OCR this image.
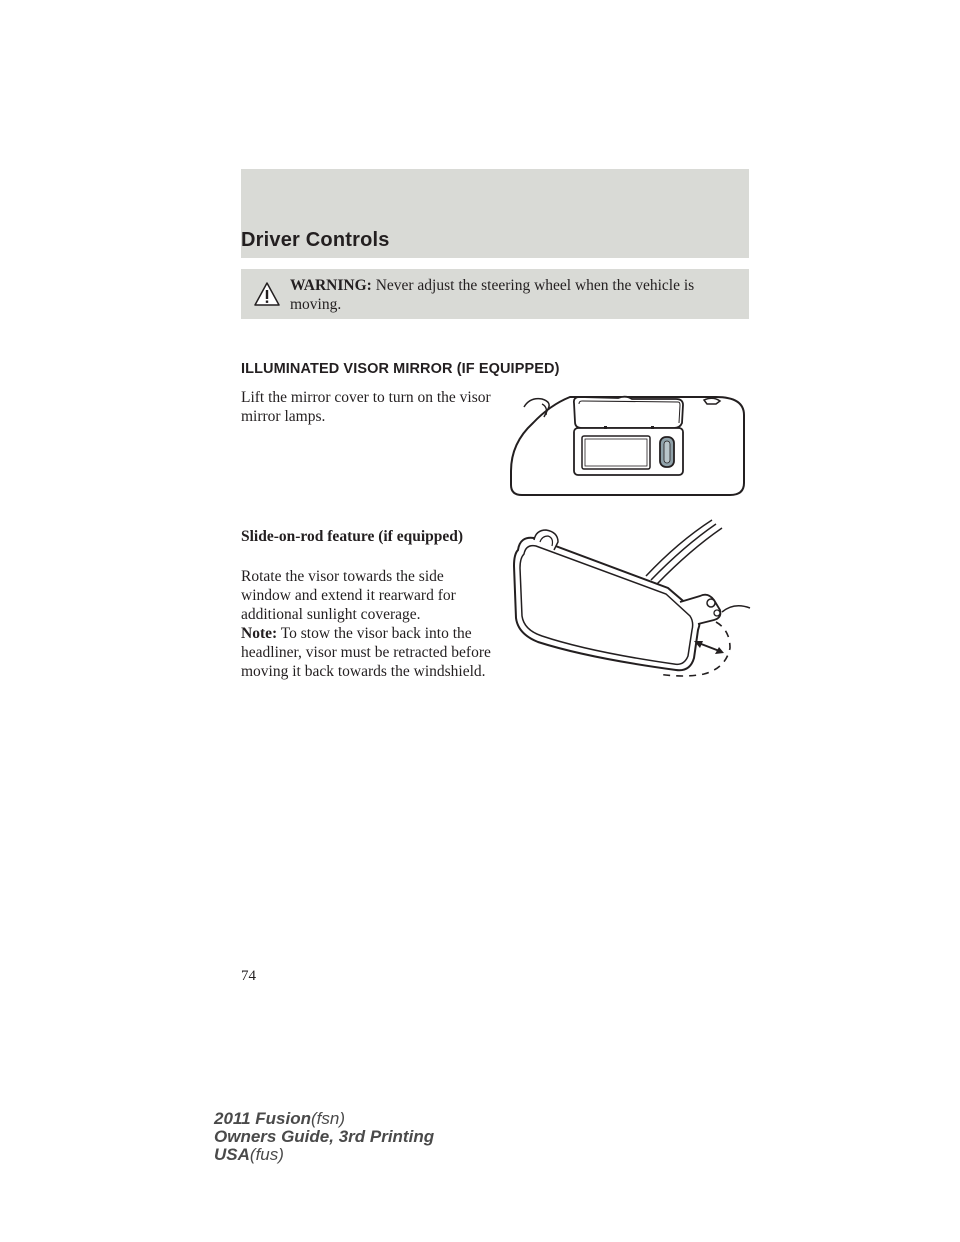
Driver Controls
WARNING: Never adjust the steering wheel when the vehicle is moving.
ILLUMINATED VISOR MIRROR (IF EQUIPPED)

Lift the mirror cover to turn on the visor mirror lamps.

Slide-on-rod feature (if equipped)

Rotate the visor towards the side window and extend it rearward for additional sunlight coverage.

Note: To stow the visor back into the headliner, visor must be retracted before moving it back towards the windshield.

74
2011 Fusion(fsn)
Owners Guide, 3rd Printing
USA(fus)
